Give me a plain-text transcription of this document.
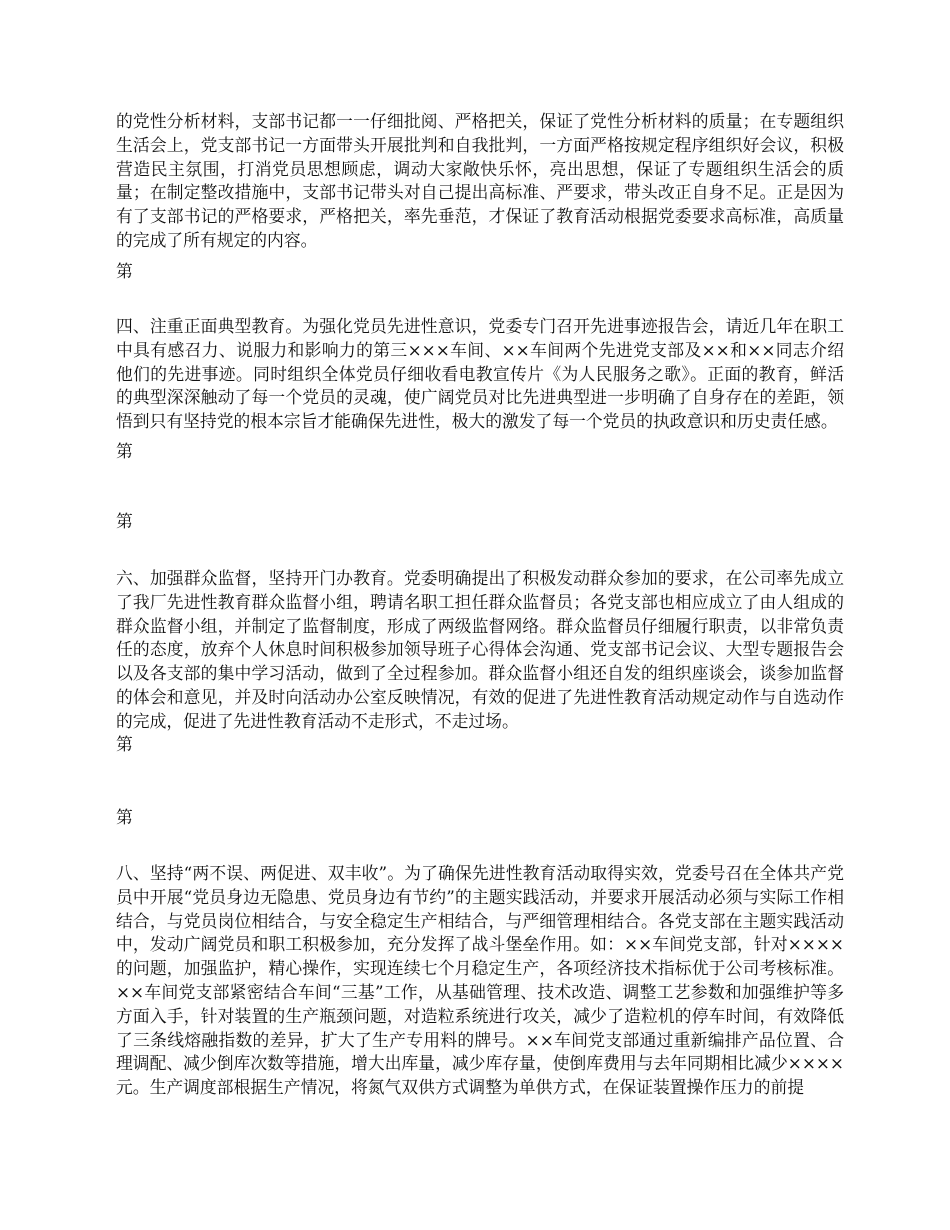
的党性分析材料，支部书记都一一仔细批阅、严格把关，保证了党性分析材料的质量；在专题组织生活会上，党支部书记一方面带头开展批判和自我批判，一方面严格按规定程序组织好会议，积极营造民主氛围，打消党员思想顾虑，调动大家敞快乐怀，亮出思想，保证了专题组织生活会的质量；在制定整改措施中，支部书记带头对自己提出高标准、严要求，带头改正自身不足。正是因为有了支部书记的严格要求，严格把关，率先垂范，才保证了教育活动根据党委要求高标准，高质量的完成了所有规定的内容。

第

四、注重正面典型教育。为强化党员先进性意识，党委专门召开先进事迹报告会，请近几年在职工中具有感召力、说服力和影响力的第三×××车间、××车间两个先进党支部及××和××同志介绍他们的先进事迹。同时组织全体党员仔细收看电教宣传片《为人民服务之歌》。正面的教育，鲜活的典型深深触动了每一个党员的灵魂，使广阔党员对比先进典型进一步明确了自身存在的差距，领悟到只有坚持党的根本宗旨才能确保先进性，极大的激发了每一个党员的执政意识和历史责任感。

第

第

六、加强群众监督，坚持开门办教育。党委明确提出了积极发动群众参加的要求，在公司率先成立了我厂先进性教育群众监督小组，聘请名职工担任群众监督员；各党支部也相应成立了由人组成的群众监督小组，并制定了监督制度，形成了两级监督网络。群众监督员仔细履行职责，以非常负责任的态度，放弃个人休息时间积极参加领导班子心得体会沟通、党支部书记会议、大型专题报告会以及各支部的集中学习活动，做到了全过程参加。群众监督小组还自发的组织座谈会，谈参加监督的体会和意见，并及时向活动办公室反映情况，有效的促进了先进性教育活动规定动作与自选动作的完成，促进了先进性教育活动不走形式，不走过场。

第

第

八、坚持“两不误、两促进、双丰收”。为了确保先进性教育活动取得实效，党委号召在全体共产党员中开展“党员身边无隐患、党员身边有节约”的主题实践活动，并要求开展活动必须与实际工作相结合，与党员岗位相结合，与安全稳定生产相结合，与严细管理相结合。各党支部在主题实践活动中，发动广阔党员和职工积极参加，充分发挥了战斗堡垒作用。如：××车间党支部，针对××××的问题，加强监护，精心操作，实现连续七个月稳定生产，各项经济技术指标优于公司考核标准。××车间党支部紧密结合车间“三基”工作，从基础管理、技术改造、调整工艺参数和加强维护等多方面入手，针对装置的生产瓶颈问题，对造粒系统进行攻关，减少了造粒机的停车时间，有效降低了三条线熔融指数的差异，扩大了生产专用料的牌号。××车间党支部通过重新编排产品位置、合理调配、减少倒库次数等措施，增大出库量，减少库存量，使倒库费用与去年同期相比减少××××元。生产调度部根据生产情况，将氮气双供方式调整为单供方式，在保证装置操作压力的前提
